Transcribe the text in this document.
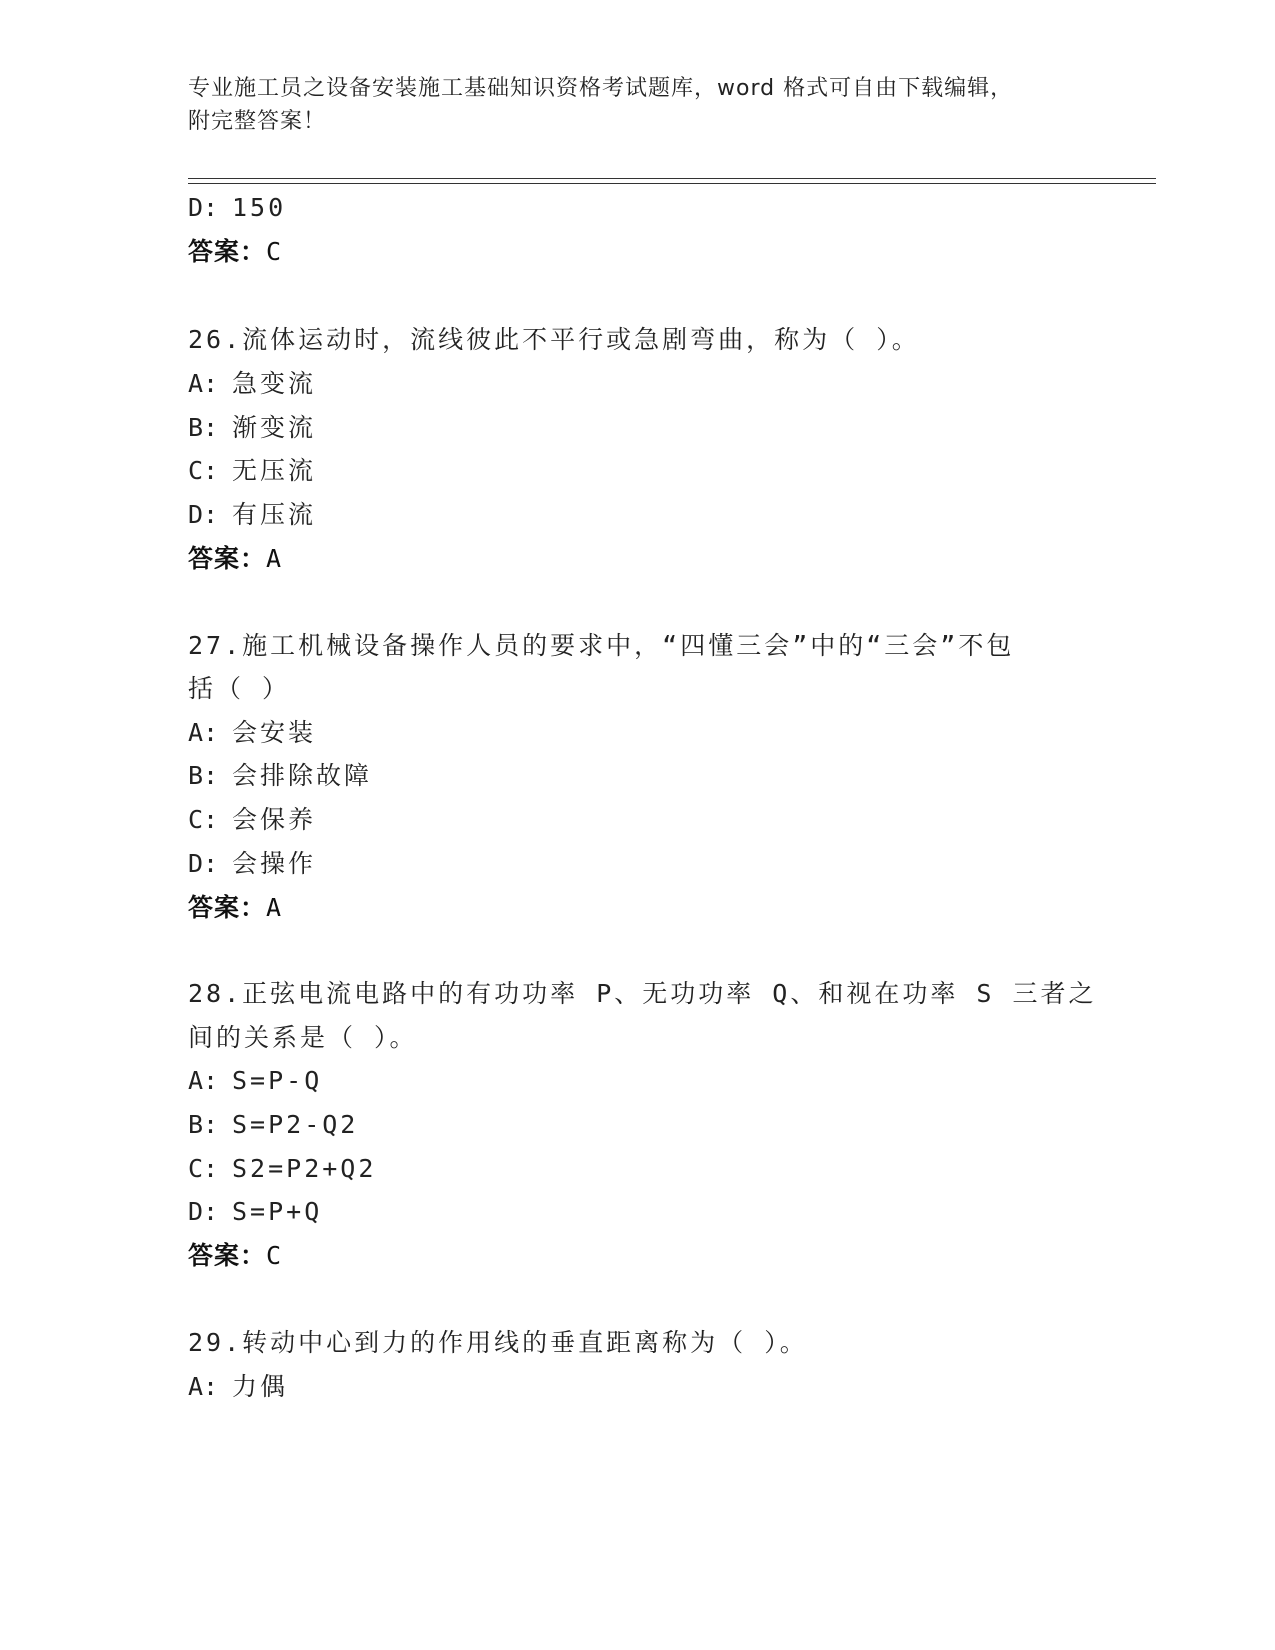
专业施工员之设备安装施工基础知识资格考试题库，word 格式可自由下载编辑，
附完整答案！
D: 150
答案：C
26.流体运动时，流线彼此不平行或急剧弯曲，称为（ ）。
A: 急变流
B: 渐变流
C: 无压流
D: 有压流
答案：A
27.施工机械设备操作人员的要求中，“四懂三会”中的“三会”不包
括（ ）
A: 会安装
B: 会排除故障
C: 会保养
D: 会操作
答案：A
28.正弦电流电路中的有功功率 P、无功功率 Q、和视在功率 S 三者之
间的关系是（ ）。
A: S=P-Q
B: S=P2-Q2
C: S2=P2+Q2
D: S=P+Q
答案：C
29.转动中心到力的作用线的垂直距离称为（ ）。
A: 力偶
